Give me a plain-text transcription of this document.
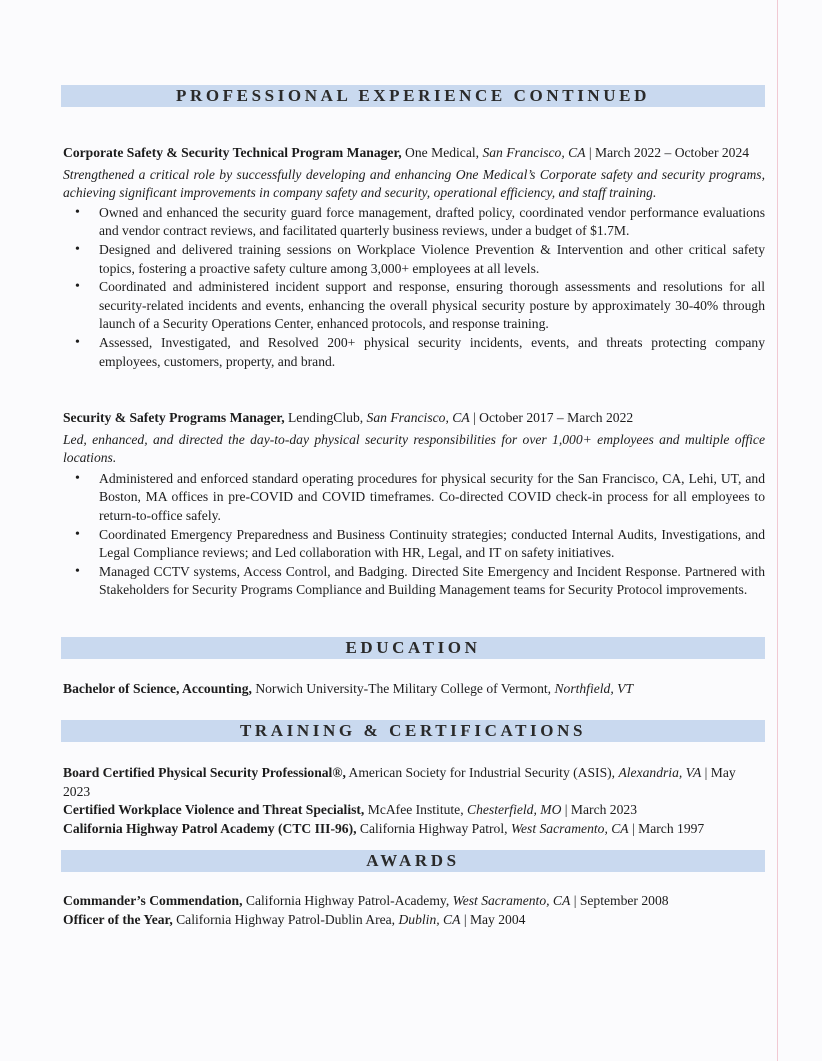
PROFESSIONAL EXPERIENCE CONTINUED

Corporate Safety & Security Technical Program Manager, One Medical, San Francisco, CA | March 2022 – October 2024

Strengthened a critical role by successfully developing and enhancing One Medical’s Corporate safety and security programs, achieving significant improvements in company safety and security, operational efficiency, and staff training.

• Owned and enhanced the security guard force management, drafted policy, coordinated vendor performance evaluations and vendor contract reviews, and facilitated quarterly business reviews, under a budget of $1.7M.
• Designed and delivered training sessions on Workplace Violence Prevention & Intervention and other critical safety topics, fostering a proactive safety culture among 3,000+ employees at all levels.
• Coordinated and administered incident support and response, ensuring thorough assessments and resolutions for all security-related incidents and events, enhancing the overall physical security posture by approximately 30-40% through launch of a Security Operations Center, enhanced protocols, and response training.
• Assessed, Investigated, and Resolved 200+ physical security incidents, events, and threats protecting company employees, customers, property, and brand.

Security & Safety Programs Manager, LendingClub, San Francisco, CA | October 2017 – March 2022

Led, enhanced, and directed the day-to-day physical security responsibilities for over 1,000+ employees and multiple office locations.

• Administered and enforced standard operating procedures for physical security for the San Francisco, CA, Lehi, UT, and Boston, MA offices in pre-COVID and COVID timeframes. Co-directed COVID check-in process for all employees to return-to-office safely.
• Coordinated Emergency Preparedness and Business Continuity strategies; conducted Internal Audits, Investigations, and Legal Compliance reviews; and Led collaboration with HR, Legal, and IT on safety initiatives.
• Managed CCTV systems, Access Control, and Badging. Directed Site Emergency and Incident Response. Partnered with Stakeholders for Security Programs Compliance and Building Management teams for Security Protocol improvements.
EDUCATION

Bachelor of Science, Accounting, Norwich University-The Military College of Vermont, Northfield, VT

TRAINING & CERTIFICATIONS

Board Certified Physical Security Professional®, American Society for Industrial Security (ASIS), Alexandria, VA | May 2023

Certified Workplace Violence and Threat Specialist, McAfee Institute, Chesterfield, MO | March 2023

California Highway Patrol Academy (CTC III-96), California Highway Patrol, West Sacramento, CA | March 1997

AWARDS

Commander’s Commendation, California Highway Patrol-Academy, West Sacramento, CA | September 2008

Officer of the Year, California Highway Patrol-Dublin Area, Dublin, CA | May 2004
